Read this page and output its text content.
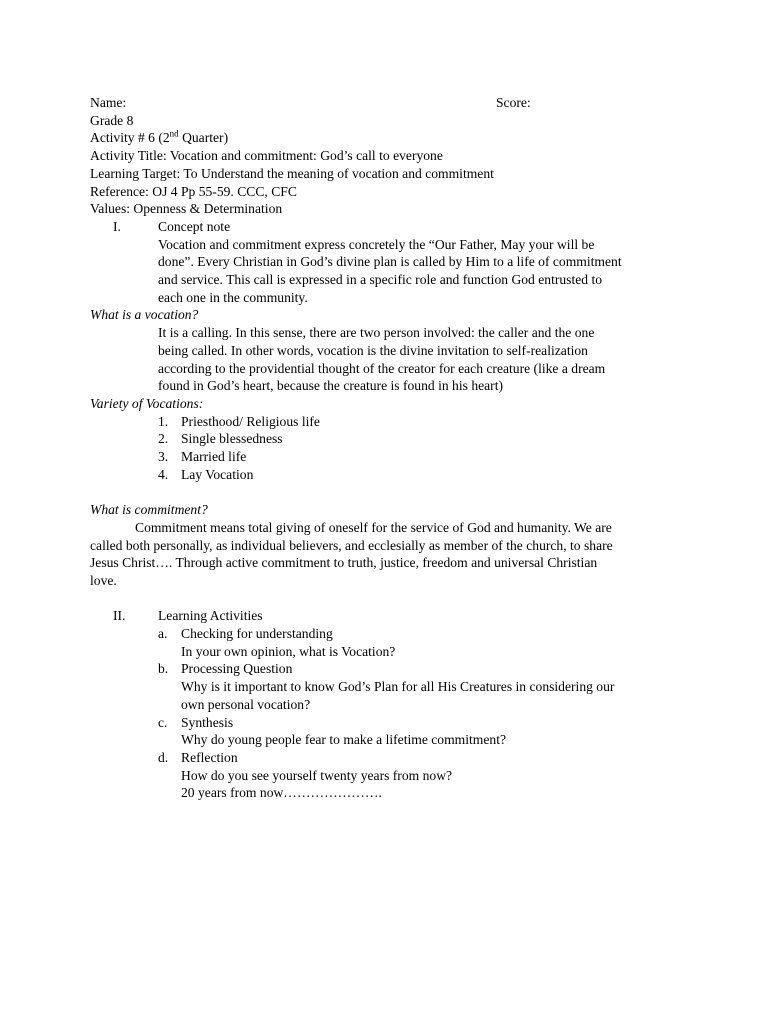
Name:	Score:
Grade 8
Activity # 6 (2nd Quarter)
Activity Title: Vocation and commitment: God’s call to everyone
Learning Target: To Understand the meaning of vocation and commitment
Reference: OJ 4 Pp 55-59. CCC, CFC
Values: Openness & Determination
I.	Concept note
Vocation and commitment express concretely the “Our Father, May your will be
done”. Every Christian in God’s divine plan is called by Him to a life of commitment
and service. This call is expressed in a specific role and function God entrusted to
each one in the community.
What is a vocation?
It is a calling. In this sense, there are two person involved: the caller and the one
being called. In other words, vocation is the divine invitation to self-realization
according to the providential thought of the creator for each creature (like a dream
found in God’s heart, because the creature is found in his heart)
Variety of Vocations:
1. Priesthood/ Religious life
2. Single blessedness
3. Married life
4. Lay Vocation
What is commitment?
Commitment means total giving of oneself for the service of God and humanity. We are
called both personally, as individual believers, and ecclesially as member of the church, to share
Jesus Christ…. Through active commitment to truth, justice, freedom and universal Christian
love.
II. Learning Activities
a. Checking for understanding
In your own opinion, what is Vocation?
b. Processing Question
Why is it important to know God’s Plan for all His Creatures in considering our
own personal vocation?
c. Synthesis
Why do young people fear to make a lifetime commitment?
d. Reflection
How do you see yourself twenty years from now?
20 years from now………………….
